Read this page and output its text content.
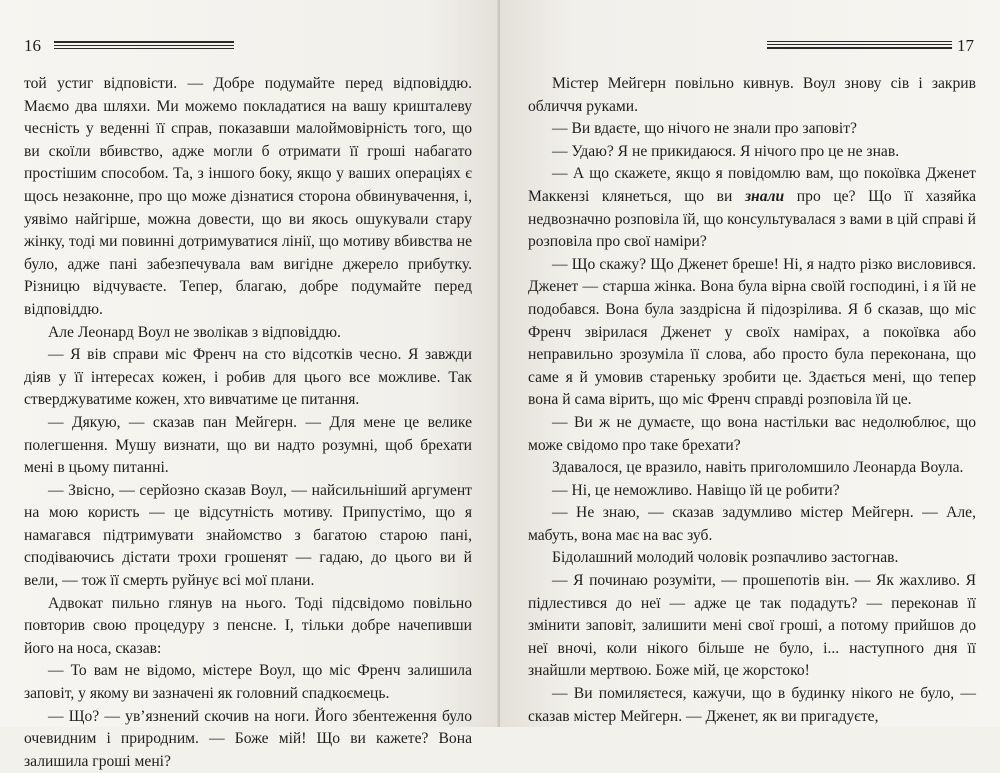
16

той устиг відповісти. — Добре подумайте перед відповіддю. Маємо два шляхи. Ми можемо покладатися на вашу кришталеву чесність у веденні її справ, показавши малоймовірність того, що ви скоїли вбивство, адже могли б отримати її гроші набагато простішим способом. Та, з іншого боку, якщо у ваших операціях є щось незаконне, про що може дізнатися сторона обвинувачення, і, уявімо найгірше, можна довести, що ви якось ошукували стару жінку, тоді ми повинні дотримуватися лінії, що мотиву вбивства не було, адже пані забезпечувала вам вигідне джерело прибутку. Різницю відчуваєте. Тепер, благаю, добре подумайте перед відповіддю.

Але Леонард Воул не зволікав з відповіддю.

— Я вів справи міс Френч на сто відсотків чесно. Я завжди діяв у її інтересах кожен, і робив для цього все можливе. Так стверджуватиме кожен, хто вивчатиме це питання.

— Дякую, — сказав пан Мейгерн. — Для мене це велике полегшення. Мушу визнати, що ви надто розумні, щоб брехати мені в цьому питанні.

— Звісно, — серйозно сказав Воул, — найсильніший аргумент на мою користь — це відсутність мотиву. Припустімо, що я намагався підтримувати знайомство з багатою старою пані, сподіваючись дістати трохи грошенят — гадаю, до цього ви й вели, — тож її смерть руйнує всі мої плани.

Адвокат пильно глянув на нього. Тоді підсвідомо повільно повторив свою процедуру з пенсне. І, тільки добре начепивши його на носа, сказав:

— То вам не відомо, містере Воул, що міс Френч залишила заповіт, у якому ви зазначені як головний спадкоємець.

— Що? — ув’язнений скочив на ноги. Його збентеження було очевидним і природним. — Боже мій! Що ви кажете? Вона залишила гроші мені?

17

Містер Мейгерн повільно кивнув. Воул знову сів і закрив обличчя руками.

— Ви вдаєте, що нічого не знали про заповіт?

— Удаю? Я не прикидаюся. Я нічого про це не знав.

— А що скажете, якщо я повідомлю вам, що покоївка Дженет Маккензі клянеться, що ви знали про це? Що її хазяйка недвозначно розповіла їй, що консультувалася з вами в цій справі й розповіла про свої наміри?

— Що скажу? Що Дженет бреше! Ні, я надто різко висловився. Дженет — старша жінка. Вона була вірна своїй господині, і я їй не подобався. Вона була заздрісна й підозрілива. Я б сказав, що міс Френч звірилася Дженет у своїх намірах, а покоївка або неправильно зрозуміла її слова, або просто була переконана, що саме я й умовив стареньку зробити це. Здається мені, що тепер вона й сама вірить, що міс Френч справді розповіла їй це.

— Ви ж не думаєте, що вона настільки вас недолюблює, що може свідомо про таке брехати?

Здавалося, це вразило, навіть приголомшило Леонарда Воула.

— Ні, це неможливо. Навіщо їй це робити?

— Не знаю, — сказав задумливо містер Мейгерн. — Але, мабуть, вона має на вас зуб.

Бідолашний молодий чоловік розпачливо застогнав.

— Я починаю розуміти, — прошепотів він. — Як жахливо. Я підлестився до неї — адже це так подадуть? — переконав її змінити заповіт, залишити мені свої гроші, а потому прийшов до неї вночі, коли нікого більше не було, і... наступного дня її знайшли мертвою. Боже мій, це жорстоко!

— Ви помиляєтеся, кажучи, що в будинку нікого не було, — сказав містер Мейгерн. — Дженет, як ви пригадуєте,
